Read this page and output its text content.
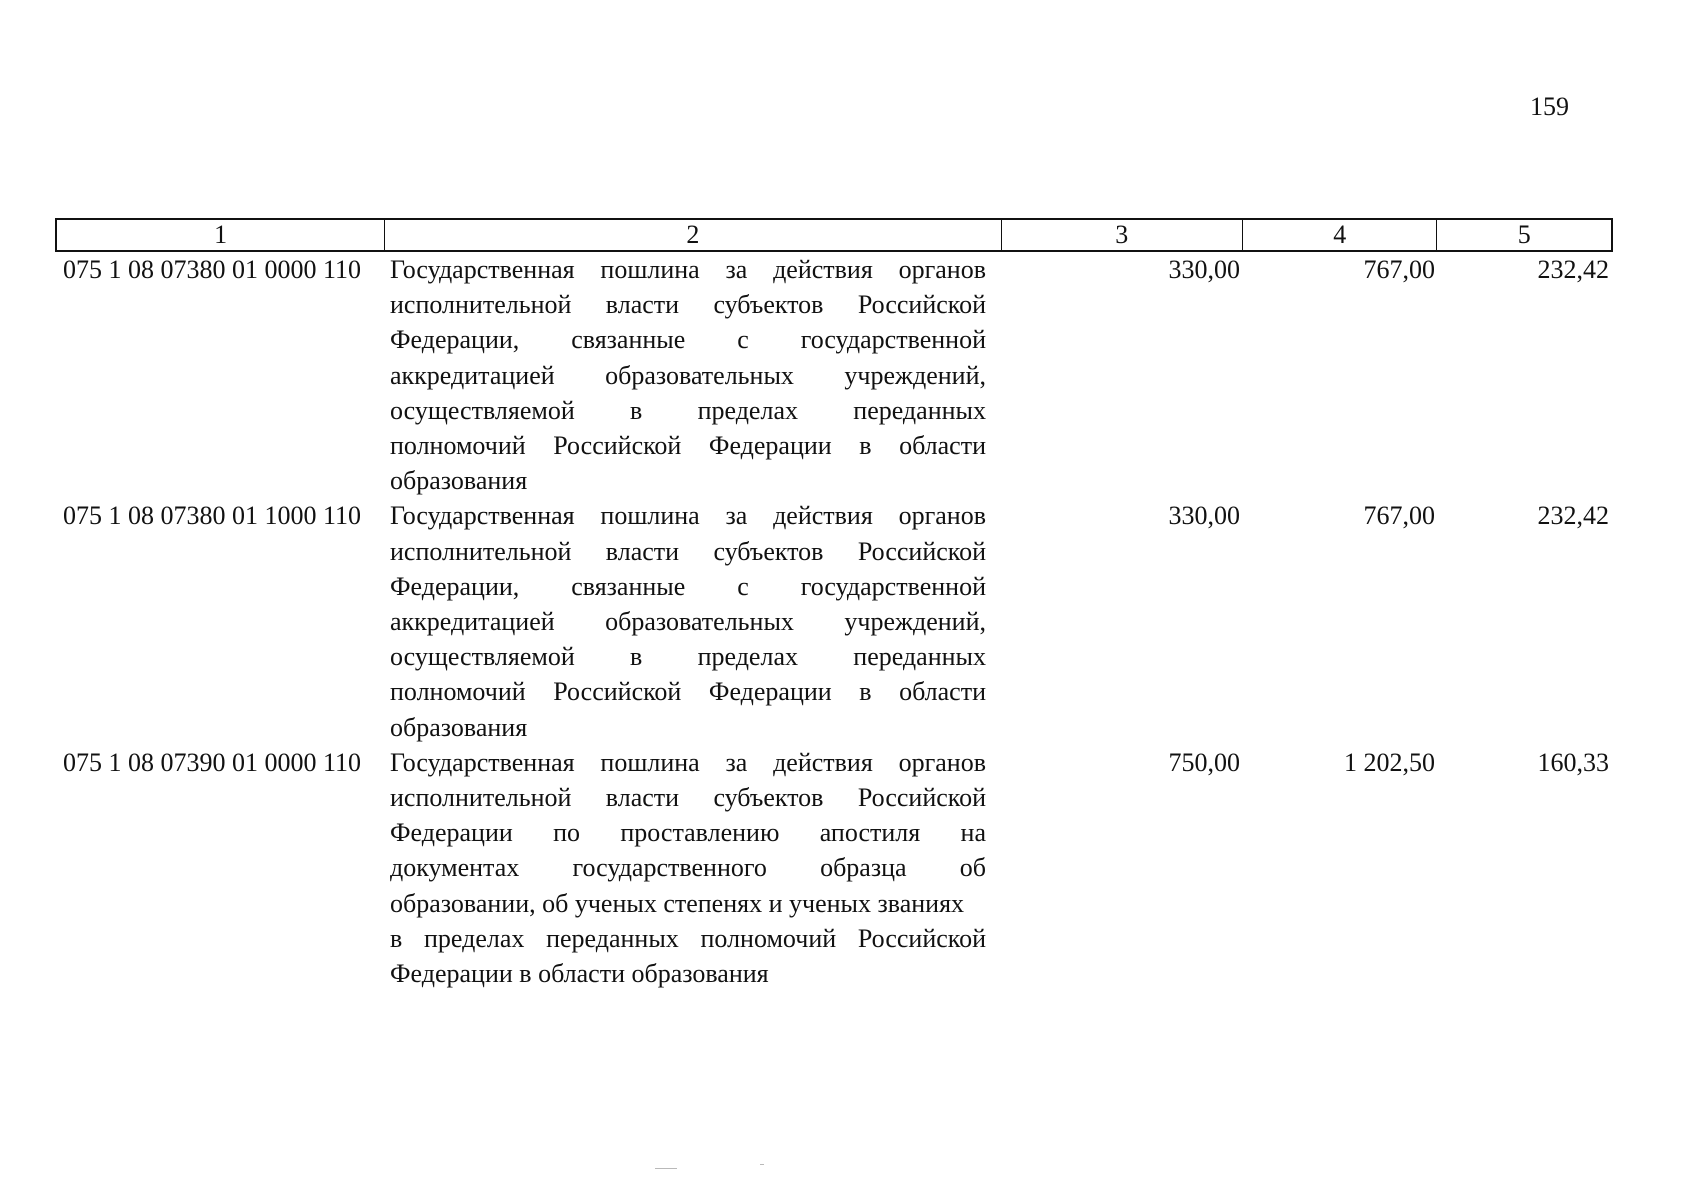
159
1	2	3	4	5
075 1 08 07380 01 0000 110	Государственная пошлина за действия органов
исполнительной власти субъектов Российской
Федерации, связанные с государственной
аккредитацией образовательных учреждений,
осуществляемой в пределах переданных
полномочий Российской Федерации в области
образования
330,00	767,00	232,42
075 1 08 07380 01 1000 110	Государственная пошлина за действия органов
исполнительной власти субъектов Российской
Федерации, связанные с государственной
аккредитацией образовательных учреждений,
осуществляемой в пределах переданных
полномочий Российской Федерации в области
образования
330,00	767,00	232,42
075 1 08 07390 01 0000 110	Государственная пошлина за действия органов
исполнительной власти субъектов Российской
Федерации по проставлению апостиля на
документах государственного образца об
образовании, об ученых степенях и ученых званиях
в пределах переданных полномочий Российской
Федерации в области образования
750,00	1 202,50	160,33
